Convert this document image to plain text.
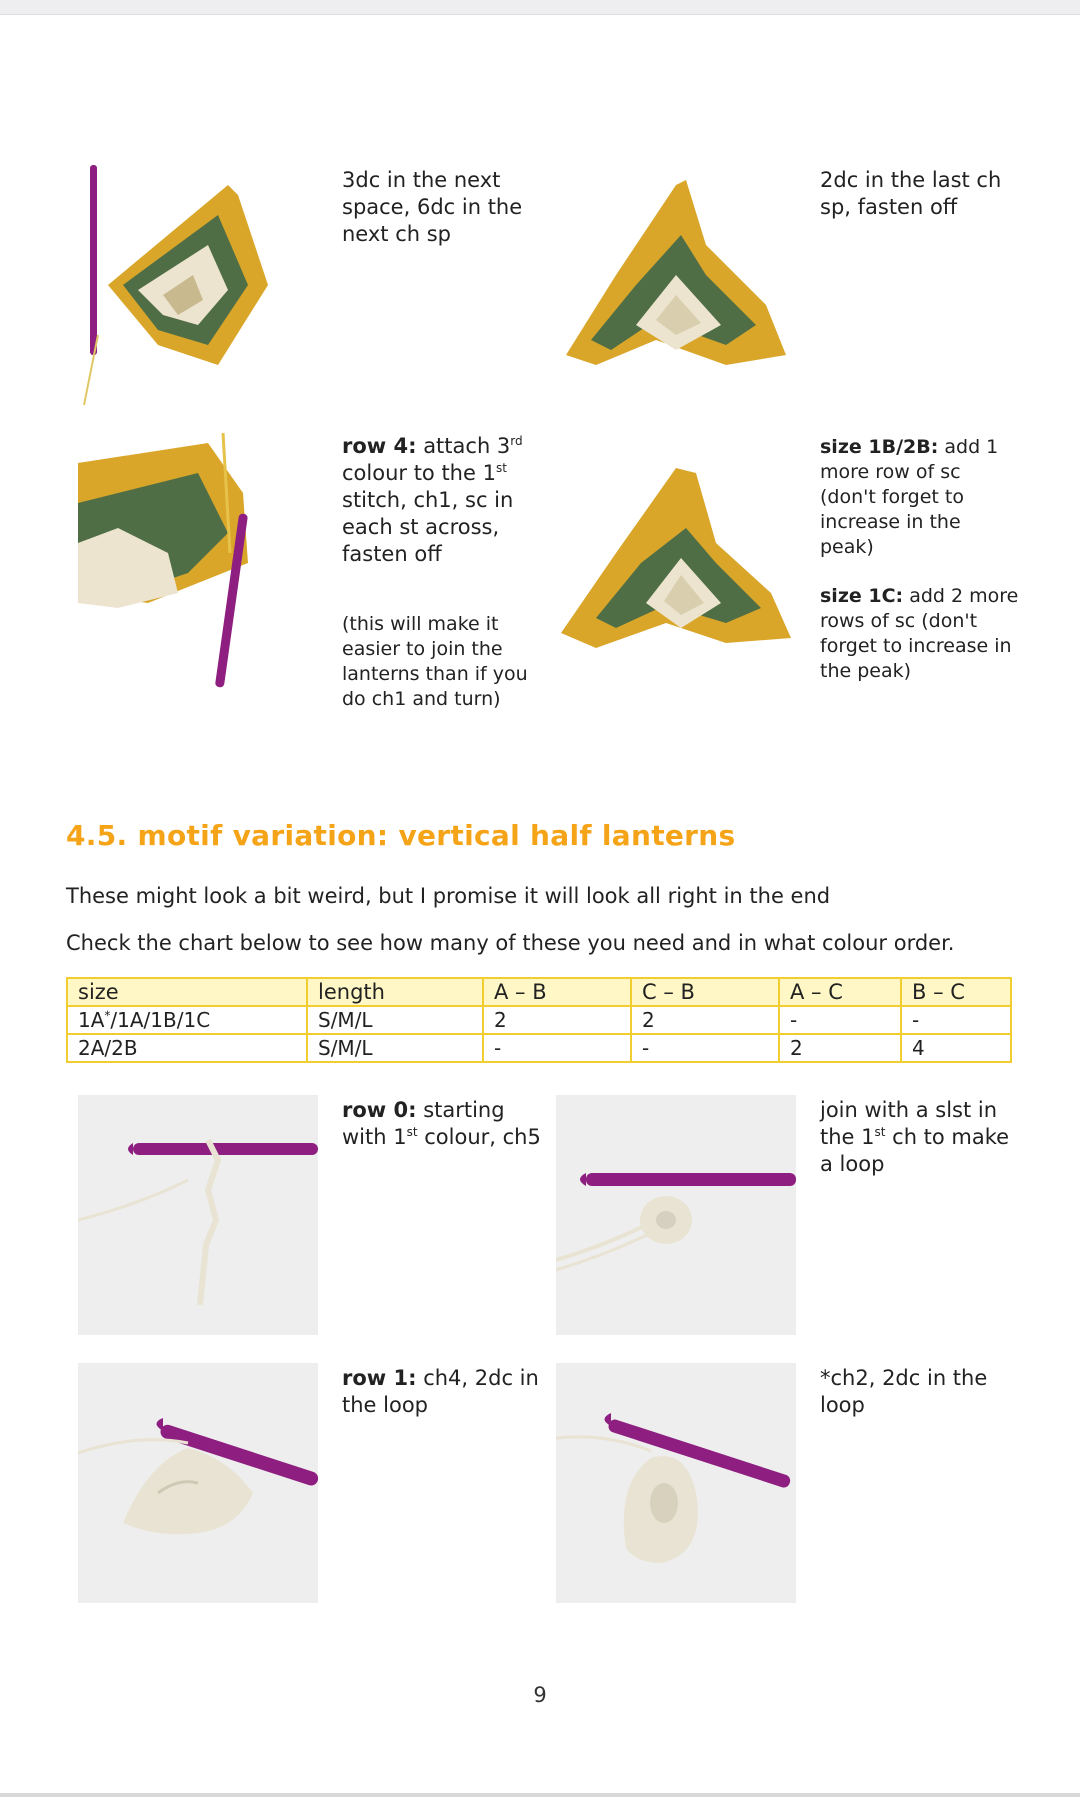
3dc in the next space, 6dc in the next ch sp
2dc in the last ch sp, fasten off

row 4: attach 3rd colour to the 1st stitch, ch1, sc in each st across, fasten off

(this will make it easier to join the lanterns than if you do ch1 and turn)

size 1B/2B: add 1 more row of sc (don't forget to increase in the peak)

size 1C: add 2 more rows of sc (don't forget to increase in the peak)

4.5. motif variation: vertical half lanterns
These might look a bit weird, but I promise it will look all right in the end
Check the chart below to see how many of these you need and in what colour order.
size	length	A – B	C – B	A – C	B – C
1A*/1A/1B/1C	S/M/L	2	2	-	-
2A/2B	S/M/L	-	-	2	4

row 0: starting with 1st colour, ch5

join with a slst in the 1st ch to make a loop

row 1: ch4, 2dc in the loop

*ch2, 2dc in the loop
9
